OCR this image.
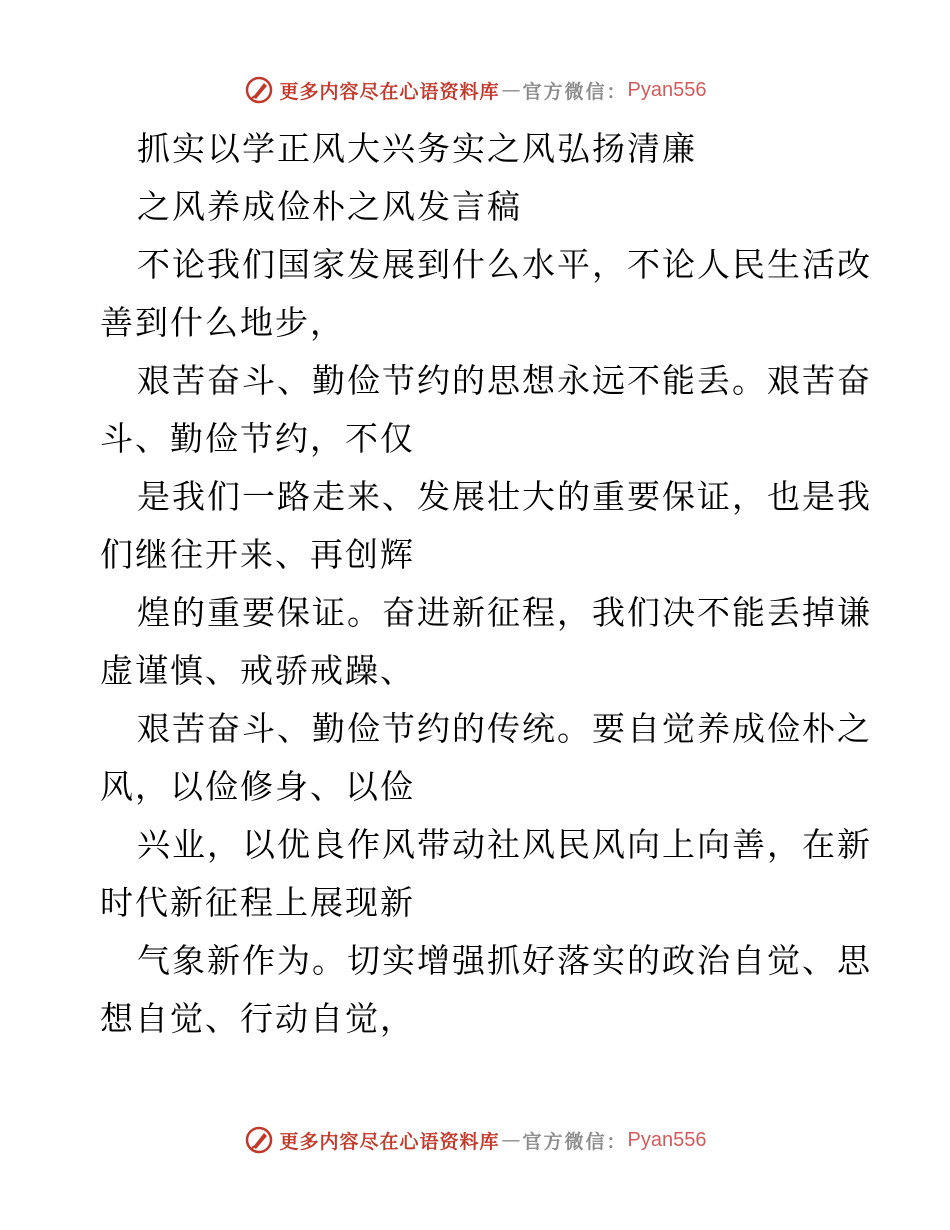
更多内容尽在心语资料库 — 官方微信： Pyan556
抓实以学正风大兴务实之风弘扬清廉
之风养成俭朴之风发言稿
不论我们国家发展到什么水平，不论人民生活改
善到什么地步，
艰苦奋斗、勤俭节约的思想永远不能丢。艰苦奋
斗、勤俭节约，不仅
是我们一路走来、发展壮大的重要保证，也是我
们继往开来、再创辉
煌的重要保证。奋进新征程，我们决不能丢掉谦
虚谨慎、戒骄戒躁、
艰苦奋斗、勤俭节约的传统。要自觉养成俭朴之
风，以俭修身、以俭
兴业，以优良作风带动社风民风向上向善，在新
时代新征程上展现新
气象新作为。切实增强抓好落实的政治自觉、思
想自觉、行动自觉，
更多内容尽在心语资料库 — 官方微信： Pyan556
